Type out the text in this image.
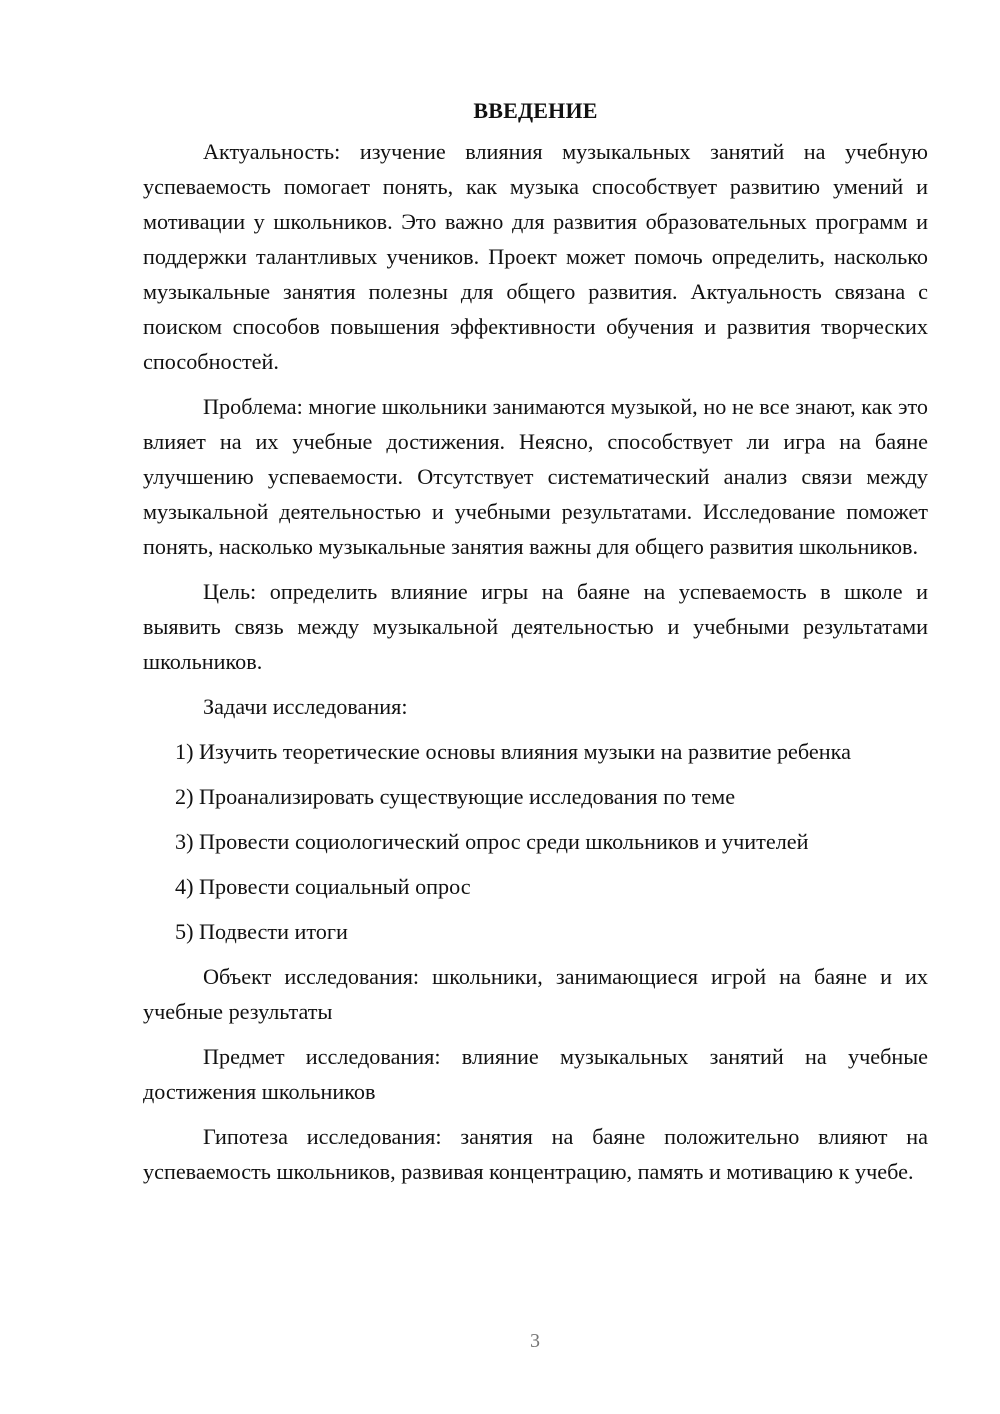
ВВЕДЕНИЕ

Актуальность: изучение влияния музыкальных занятий на учебную успеваемость помогает понять, как музыка способствует развитию умений и мотивации у школьников. Это важно для развития образовательных программ и поддержки талантливых учеников. Проект может помочь определить, насколько музыкальные занятия полезны для общего развития. Актуальность связана с поиском способов повышения эффективности обучения и развития творческих способностей.

Проблема: многие школьники занимаются музыкой, но не все знают, как это влияет на их учебные достижения. Неясно, способствует ли игра на баяне улучшению успеваемости. Отсутствует систематический анализ связи между музыкальной деятельностью и учебными результатами. Исследование поможет понять, насколько музыкальные занятия важны для общего развития школьников.

Цель: определить влияние игры на баяне на успеваемость в школе и выявить связь между музыкальной деятельностью и учебными результатами школьников.

Задачи исследования:

1) Изучить теоретические основы влияния музыки на развитие ребенка
2) Проанализировать существующие исследования по теме
3) Провести социологический опрос среди школьников и учителей
4) Провести социальный опрос
5) Подвести итоги

Объект исследования: школьники, занимающиеся игрой на баяне и их учебные результаты

Предмет исследования: влияние музыкальных занятий на учебные достижения школьников

Гипотеза исследования: занятия на баяне положительно влияют на успеваемость школьников, развивая концентрацию, память и мотивацию к учебе.

3
